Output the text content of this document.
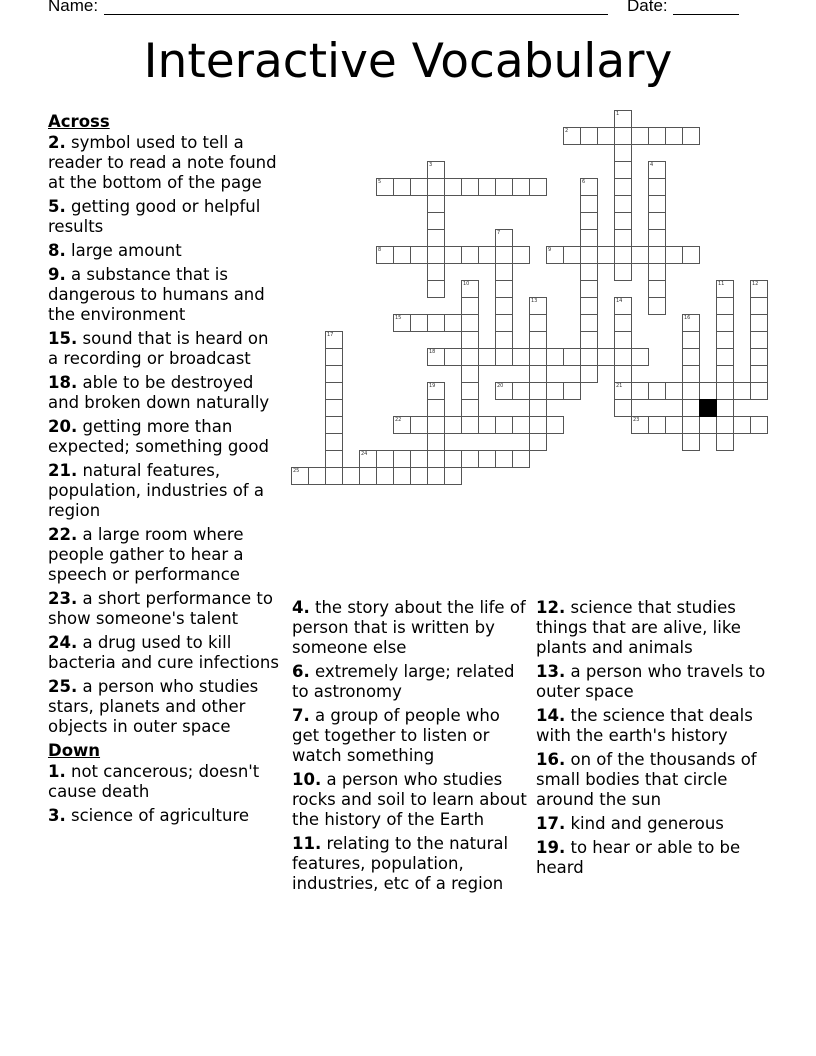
Name:	Date:
Interactive Vocabulary
1
2
3	4
5	6
7
8	9
10	11	12
13	14
21
15	16
17
18
19	20
22	23
24
25
Across
2. symbol used to tell a reader to read a note found at the bottom of the page
5. getting good or helpful results
8. large amount
9. a substance that is dangerous to humans and the environment
15. sound that is heard on a recording or broadcast
18. able to be destroyed and broken down naturally
20. getting more than expected; something good
21. natural features, population, industries of a region
22. a large room where people gather to hear a speech or performance
23. a short performance to show someone's talent
24. a drug used to kill bacteria and cure infections
25. a person who studies stars, planets and other objects in outer space
Down
1. not cancerous; doesn't cause death
3. science of agriculture
4. the story about the life of person that is written by someone else
6. extremely large; related to astronomy
7. a group of people who get together to listen or watch something
10. a person who studies rocks and soil to learn about the history of the Earth
11. relating to the natural features, population, industries, etc of a region
12. science that studies things that are alive, like plants and animals
13. a person who travels to outer space
14. the science that deals with the earth's history
16. on of the thousands of small bodies that circle around the sun
17. kind and generous
19. to hear or able to be heard
